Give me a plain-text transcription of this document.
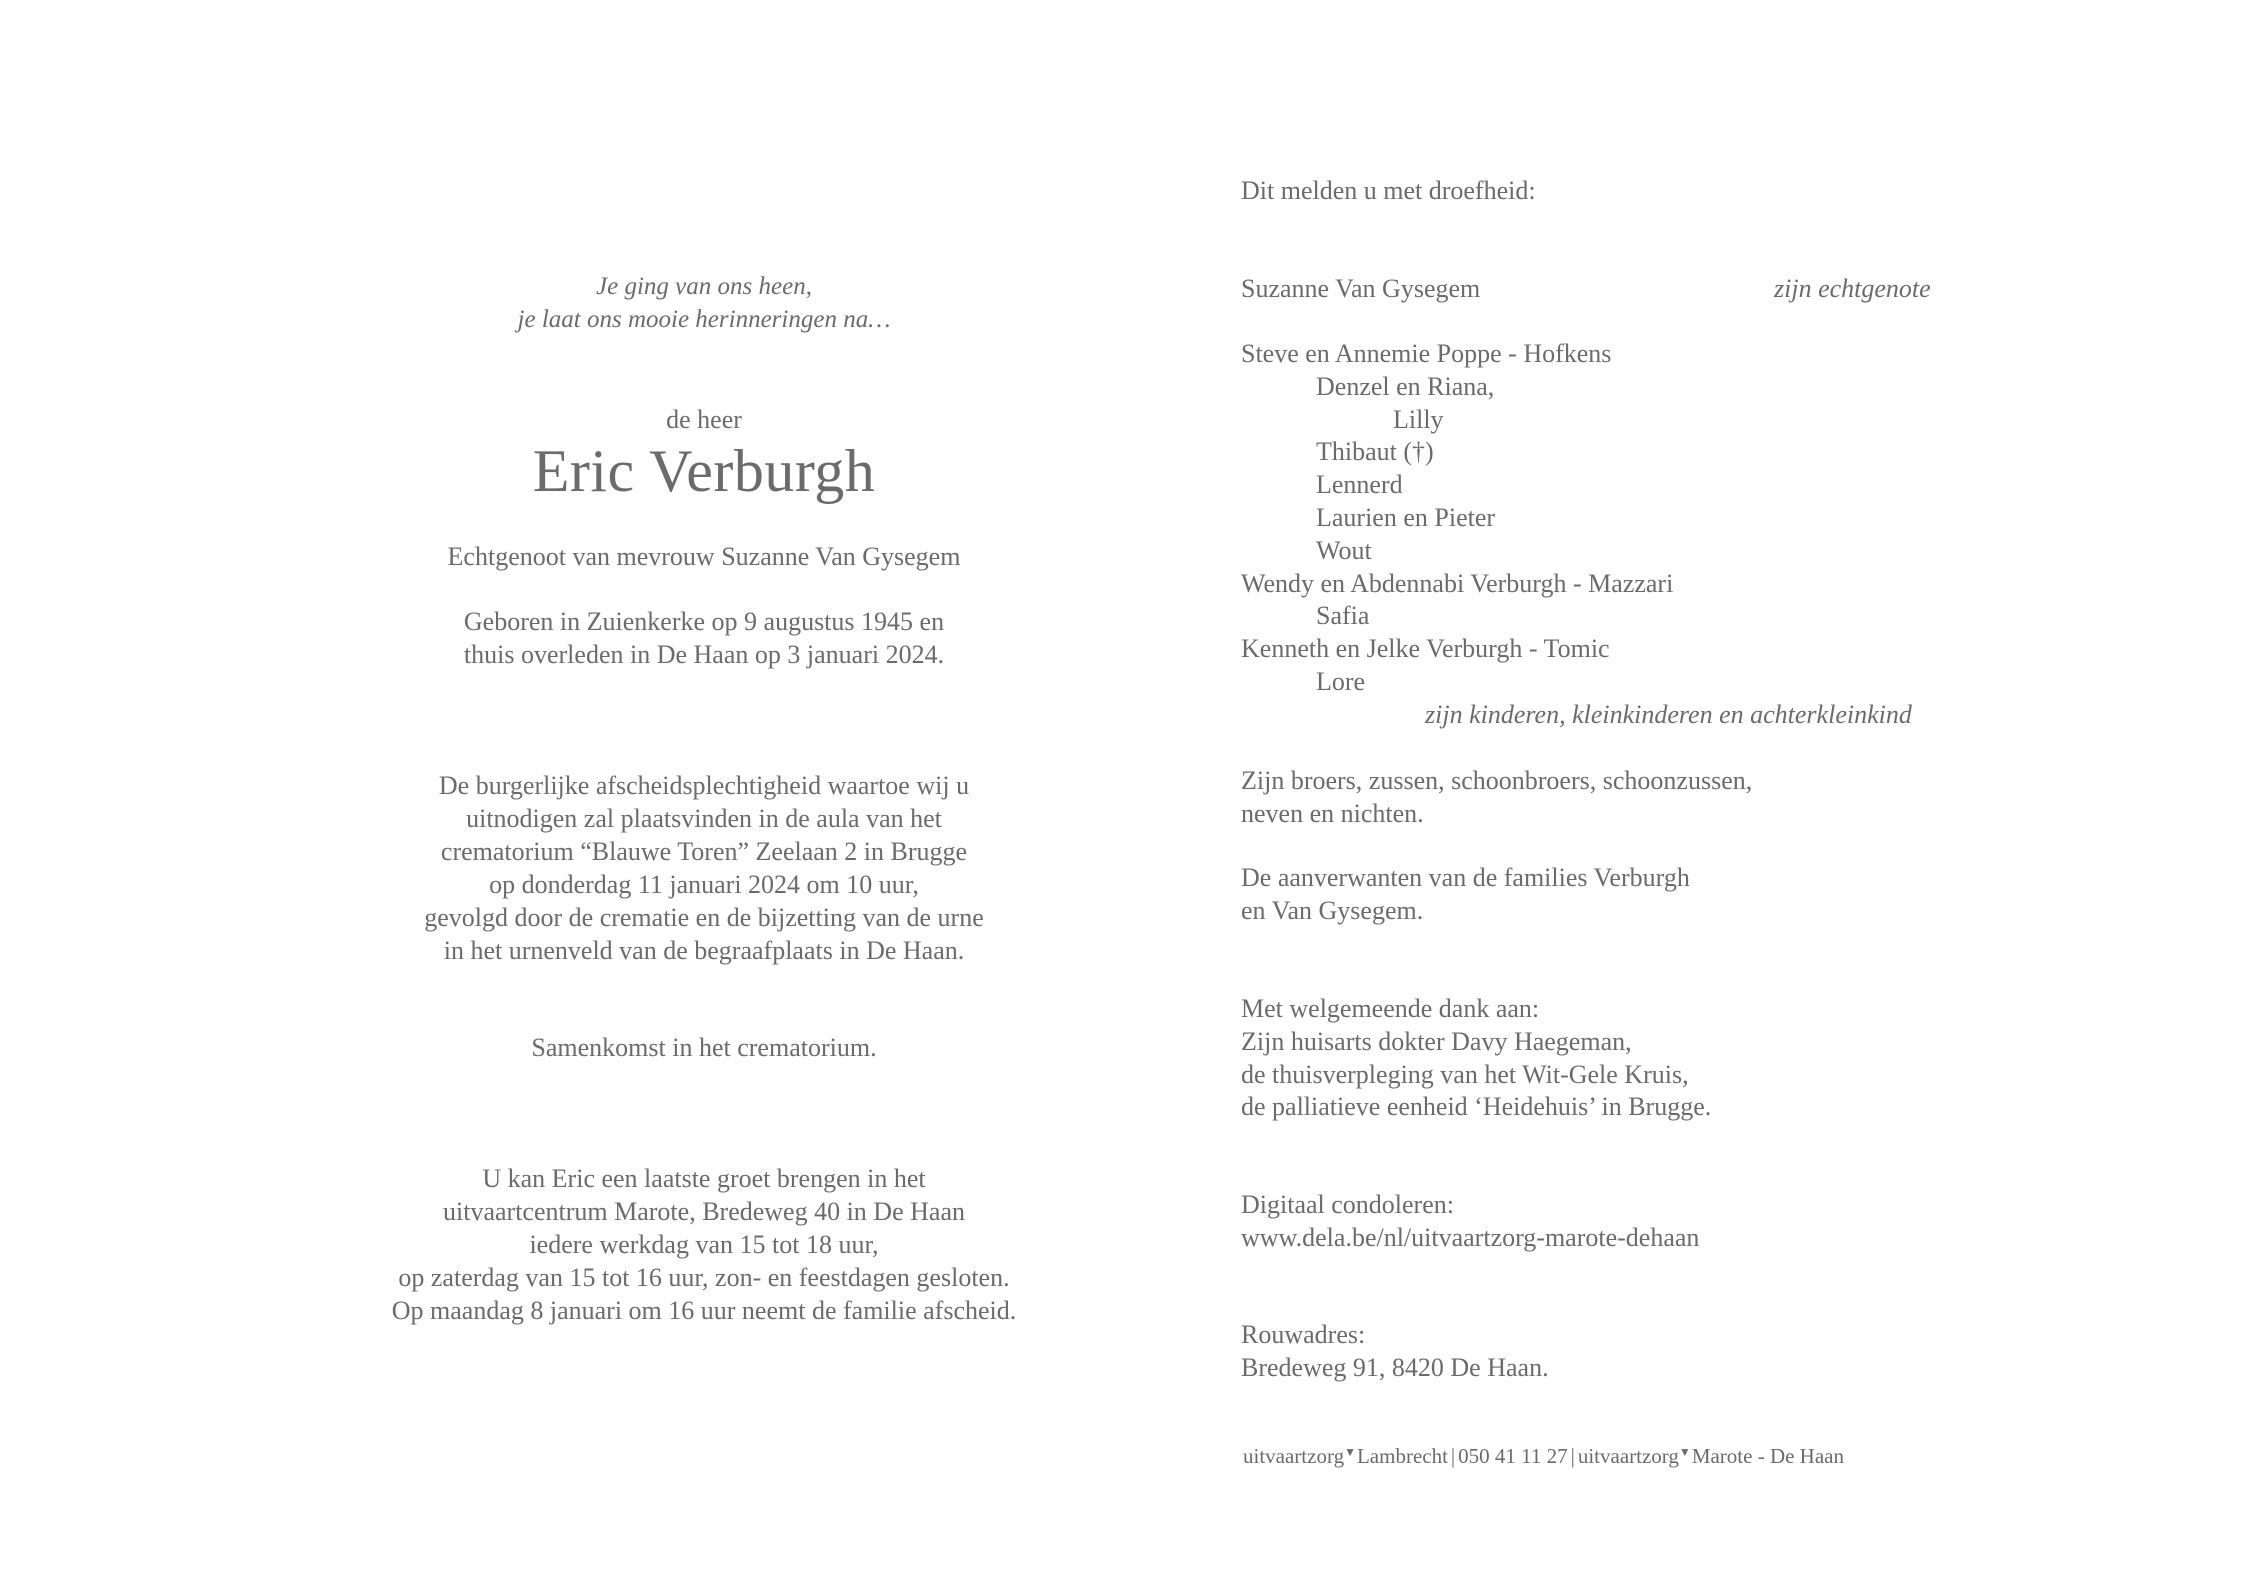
Je ging van ons heen,
je laat ons mooie herinneringen na…
de heer
Eric Verburgh
Echtgenoot van mevrouw Suzanne Van Gysegem
Geboren in Zuienkerke op 9 augustus 1945 en
thuis overleden in De Haan op 3 januari 2024.
De burgerlijke afscheidsplechtigheid waartoe wij u
uitnodigen zal plaatsvinden in de aula van het
crematorium “Blauwe Toren” Zeelaan 2 in Brugge
op donderdag 11 januari 2024 om 10 uur,
gevolgd door de crematie en de bijzetting van de urne
in het urnenveld van de begraafplaats in De Haan.
Samenkomst in het crematorium.
U kan Eric een laatste groet brengen in het
uitvaartcentrum Marote, Bredeweg 40 in De Haan
iedere werkdag van 15 tot 18 uur,
op zaterdag van 15 tot 16 uur, zon- en feestdagen gesloten.
Op maandag 8 januari om 16 uur neemt de familie afscheid.
Dit melden u met droefheid:
Suzanne Van Gysegem	zijn echtgenote
Steve en Annemie Poppe - Hofkens
Denzel en Riana,
Lilly
Thibaut (†)
Lennerd
Laurien en Pieter
Wout
Wendy en Abdennabi Verburgh - Mazzari
Safia
Kenneth en Jelke Verburgh - Tomic
Lore
zijn kinderen, kleinkinderen en achterkleinkind
Zijn broers, zussen, schoonbroers, schoonzussen,
neven en nichten.
De aanverwanten van de families Verburgh
en Van Gysegem.
Met welgemeende dank aan:
Zijn huisarts dokter Davy Haegeman,
de thuisverpleging van het Wit-Gele Kruis,
de palliatieve eenheid ‘Heidehuis’ in Brugge.
Digitaal condoleren:
www.dela.be/nl/uitvaartzorg-marote-dehaan
Rouwadres:
Bredeweg 91, 8420 De Haan.
uitvaartzorg▼Lambrecht | 050 41 11 27 | uitvaartzorg▼Marote - De Haan
